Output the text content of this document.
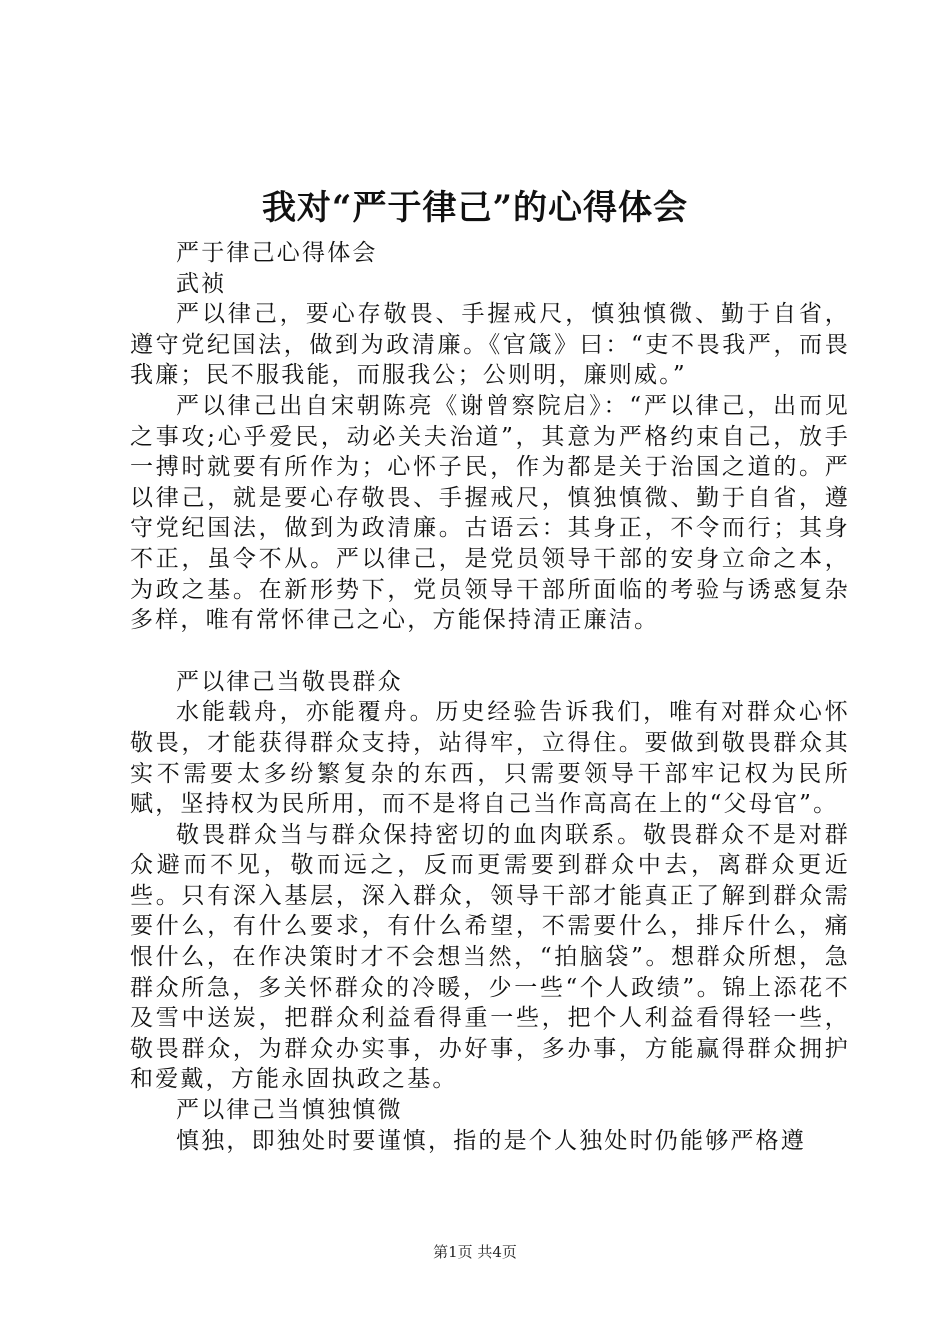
我对“严于律己”的心得体会

严于律己心得体会

武祯

严以律己，要心存敬畏、手握戒尺，慎独慎微、勤于自省，遵守党纪国法，做到为政清廉。《官箴》曰：“吏不畏我严，而畏我廉；民不服我能，而服我公；公则明，廉则威。”

严以律己出自宋朝陈亮《谢曾察院启》：“严以律己，出而见之事攻;心乎爱民，动必关夫治道”，其意为严格约束自己，放手一搏时就要有所作为；心怀子民，作为都是关于治国之道的。严以律己，就是要心存敬畏、手握戒尺，慎独慎微、勤于自省，遵守党纪国法，做到为政清廉。古语云：其身正，不令而行；其身不正，虽令不从。严以律己，是党员领导干部的安身立命之本，为政之基。在新形势下，党员领导干部所面临的考验与诱惑复杂多样，唯有常怀律己之心，方能保持清正廉洁。

严以律己当敬畏群众

水能载舟，亦能覆舟。历史经验告诉我们，唯有对群众心怀敬畏，才能获得群众支持，站得牢，立得住。要做到敬畏群众其实不需要太多纷繁复杂的东西，只需要领导干部牢记权为民所赋，坚持权为民所用，而不是将自己当作高高在上的“父母官”。

敬畏群众当与群众保持密切的血肉联系。敬畏群众不是对群众避而不见，敬而远之，反而更需要到群众中去，离群众更近些。只有深入基层，深入群众，领导干部才能真正了解到群众需要什么，有什么要求，有什么希望，不需要什么，排斥什么，痛恨什么，在作决策时才不会想当然，“拍脑袋”。想群众所想，急群众所急，多关怀群众的冷暖，少一些“个人政绩”。锦上添花不及雪中送炭，把群众利益看得重一些，把个人利益看得轻一些，敬畏群众，为群众办实事，办好事，多办事，方能赢得群众拥护和爱戴，方能永固执政之基。

严以律己当慎独慎微

慎独，即独处时要谨慎，指的是个人独处时仍能够严格遵

第1页 共4页
